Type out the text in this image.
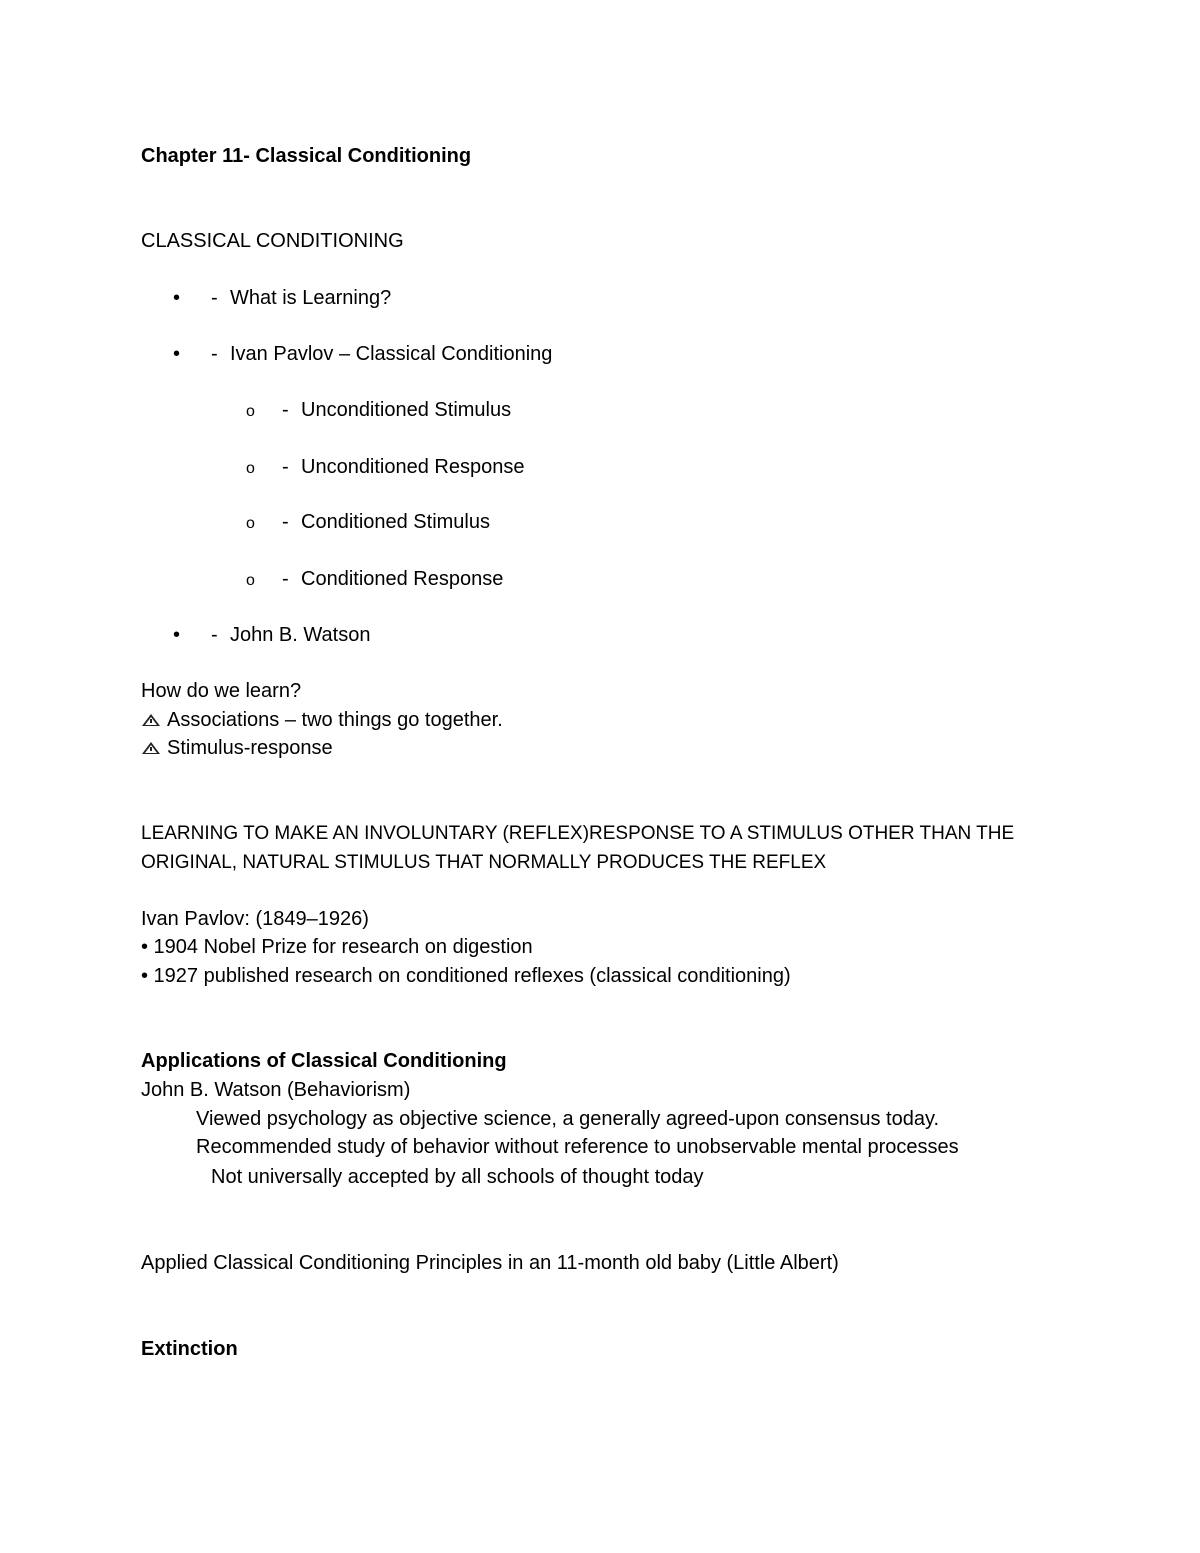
Chapter 11- Classical Conditioning
CLASSICAL CONDITIONING
• - What is Learning?
• - Ivan Pavlov – Classical Conditioning
o - Unconditioned Stimulus
o - Unconditioned Response
o - Conditioned Stimulus
o - Conditioned Response
• - John B. Watson
How do we learn?
Associations – two things go together.
Stimulus-response
LEARNING TO MAKE AN INVOLUNTARY (REFLEX)RESPONSE TO A STIMULUS OTHER THAN THE
ORIGINAL, NATURAL STIMULUS THAT NORMALLY PRODUCES THE REFLEX
Ivan Pavlov: (1849–1926)
• 1904 Nobel Prize for research on digestion
• 1927 published research on conditioned reflexes (classical conditioning)
Applications of Classical Conditioning
John B. Watson (Behaviorism)
Viewed psychology as objective science, a generally agreed-upon consensus today.
Recommended study of behavior without reference to unobservable mental processes
Not universally accepted by all schools of thought today
Applied Classical Conditioning Principles in an 11-month old baby (Little Albert)
Extinction
